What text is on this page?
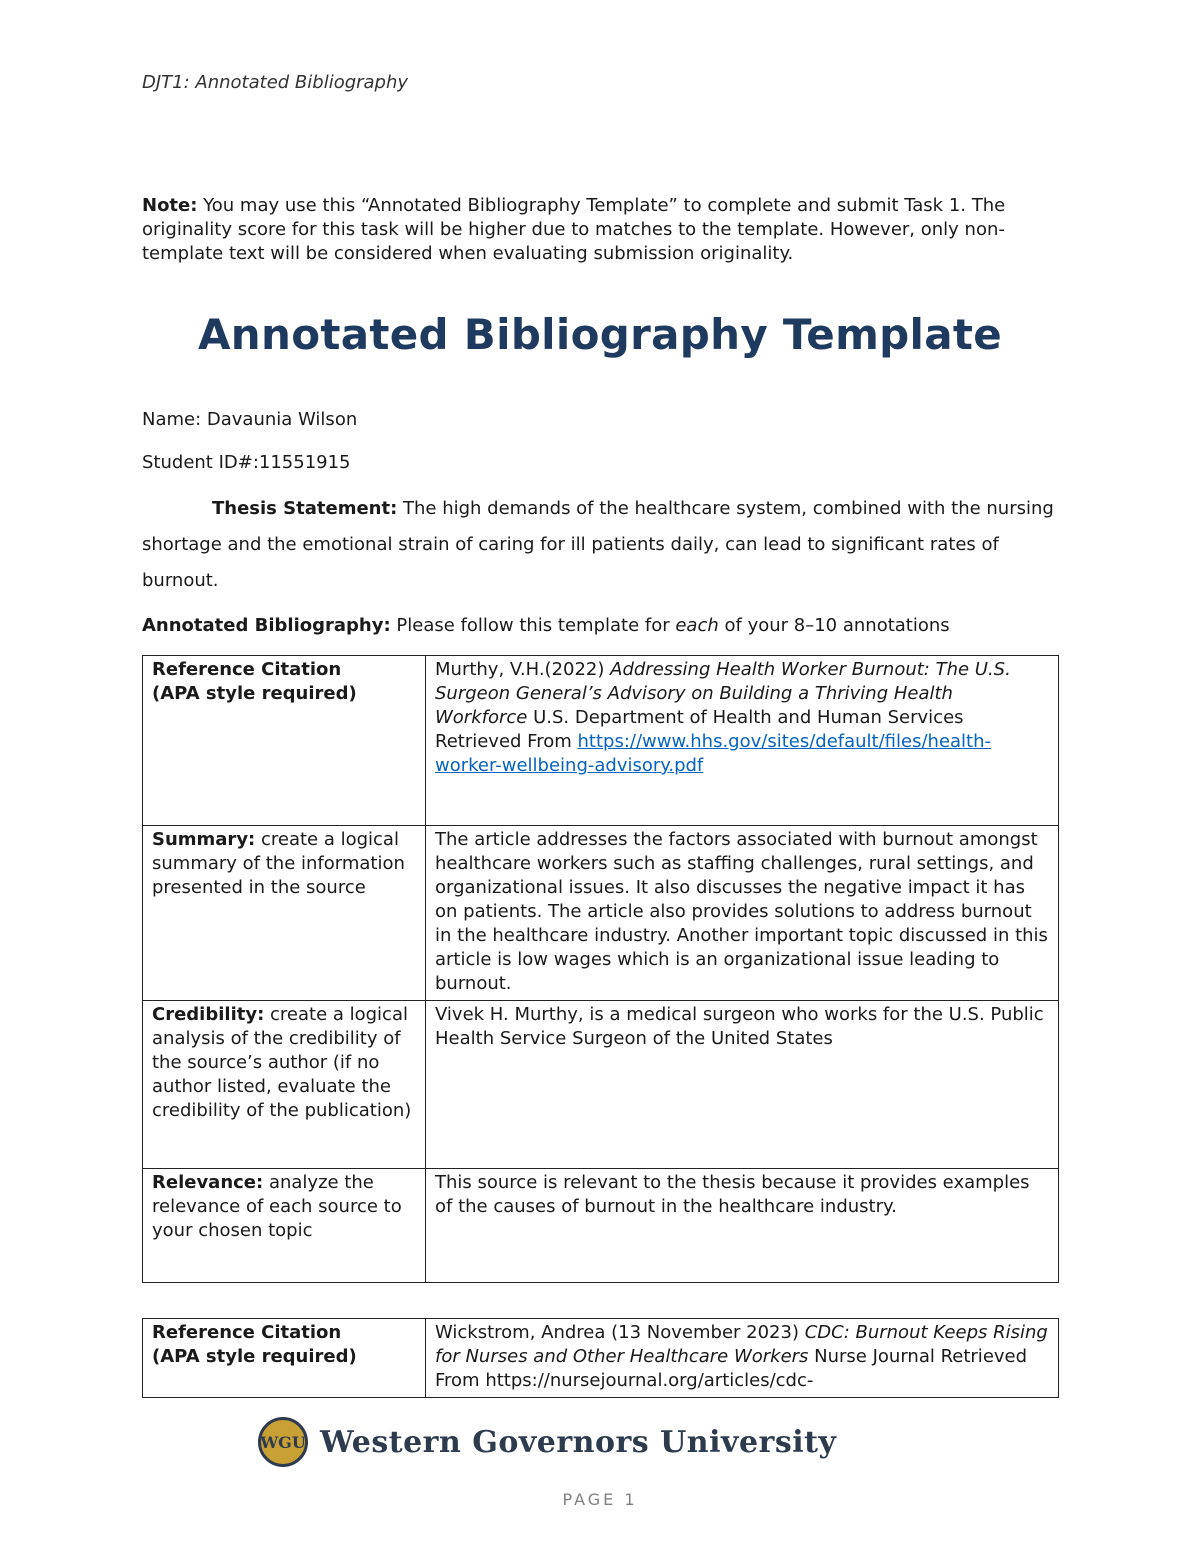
DJT1: Annotated Bibliography
Note: You may use this “Annotated Bibliography Template” to complete and submit Task 1. The originality score for this task will be higher due to matches to the template. However, only non-template text will be considered when evaluating submission originality.
Annotated Bibliography Template
Name: Davaunia Wilson
Student ID#:11551915
Thesis Statement: The high demands of the healthcare system, combined with the nursing shortage and the emotional strain of caring for ill patients daily, can lead to significant rates of burnout.
Annotated Bibliography: Please follow this template for each of your 8–10 annotations
Reference Citation
(APA style required)	Murthy, V.H.(2022) Addressing Health Worker Burnout: The U.S. Surgeon General’s Advisory on Building a Thriving Health Workforce U.S. Department of Health and Human Services Retrieved From https://www.hhs.gov/sites/default/files/health-worker-wellbeing-advisory.pdf
Summary: create a logical summary of the information presented in the source	The article addresses the factors associated with burnout amongst healthcare workers such as staffing challenges, rural settings, and organizational issues. It also discusses the negative impact it has on patients. The article also provides solutions to address burnout in the healthcare industry. Another important topic discussed in this article is low wages which is an organizational issue leading to burnout.
Credibility: create a logical analysis of the credibility of the source’s author (if no author listed, evaluate the credibility of the publication)	Vivek H. Murthy, is a medical surgeon who works for the U.S. Public Health Service Surgeon of the United States
Relevance: analyze the relevance of each source to your chosen topic	This source is relevant to the thesis because it provides examples of the causes of burnout in the healthcare industry.
Reference Citation
(APA style required)	Wickstrom, Andrea (13 November 2023) CDC: Burnout Keeps Rising for Nurses and Other Healthcare Workers Nurse Journal Retrieved From https://nursejournal.org/articles/cdc-
WGU Western Governors University
PAGE 1
